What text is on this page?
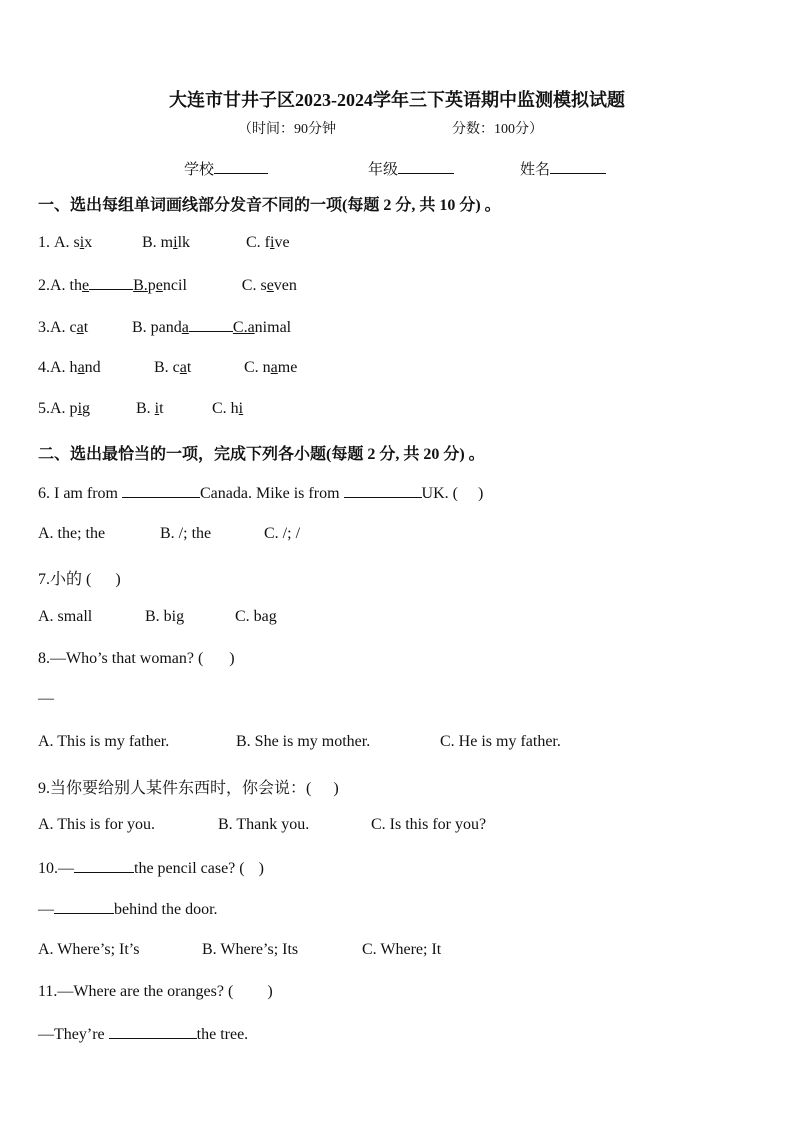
大连市甘井子区2023-2024学年三下英语期中监测模拟试题
（时间：90分钟	分数：100分）
学校	年级	姓名
一、选出每组单词画线部分发音不同的一项(每题 2 分, 共 10 分) 。
1. A. six	B. milk	C. five
2.A. the	B.pencil	C. seven
3.A. cat	B. panda	C.animal
4.A. hand	B. cat	C. name
5.A. pig	B. it	C. hi
二、选出最恰当的一项，完成下列各小题(每题 2 分, 共 20 分) 。
6. I am from	Canada. Mike is from	UK. ( )
A. the; the	B. /; the	C. /; /
7.小的 ( )
A. small	B. big	C. bag
8.—Who’s that woman? ( )
—
A. This is my father.	B. She is my mother.	C. He is my father.
9.当你要给别人某件东西时，你会说：( )
A. This is for you.	B. Thank you.	C. Is this for you?
10.—	the pencil case? ( )
—	behind the door.
A. Where’s; It’s	B. Where’s; Its	C. Where; It
11.—Where are the oranges? ( )
—They’re	the tree.
